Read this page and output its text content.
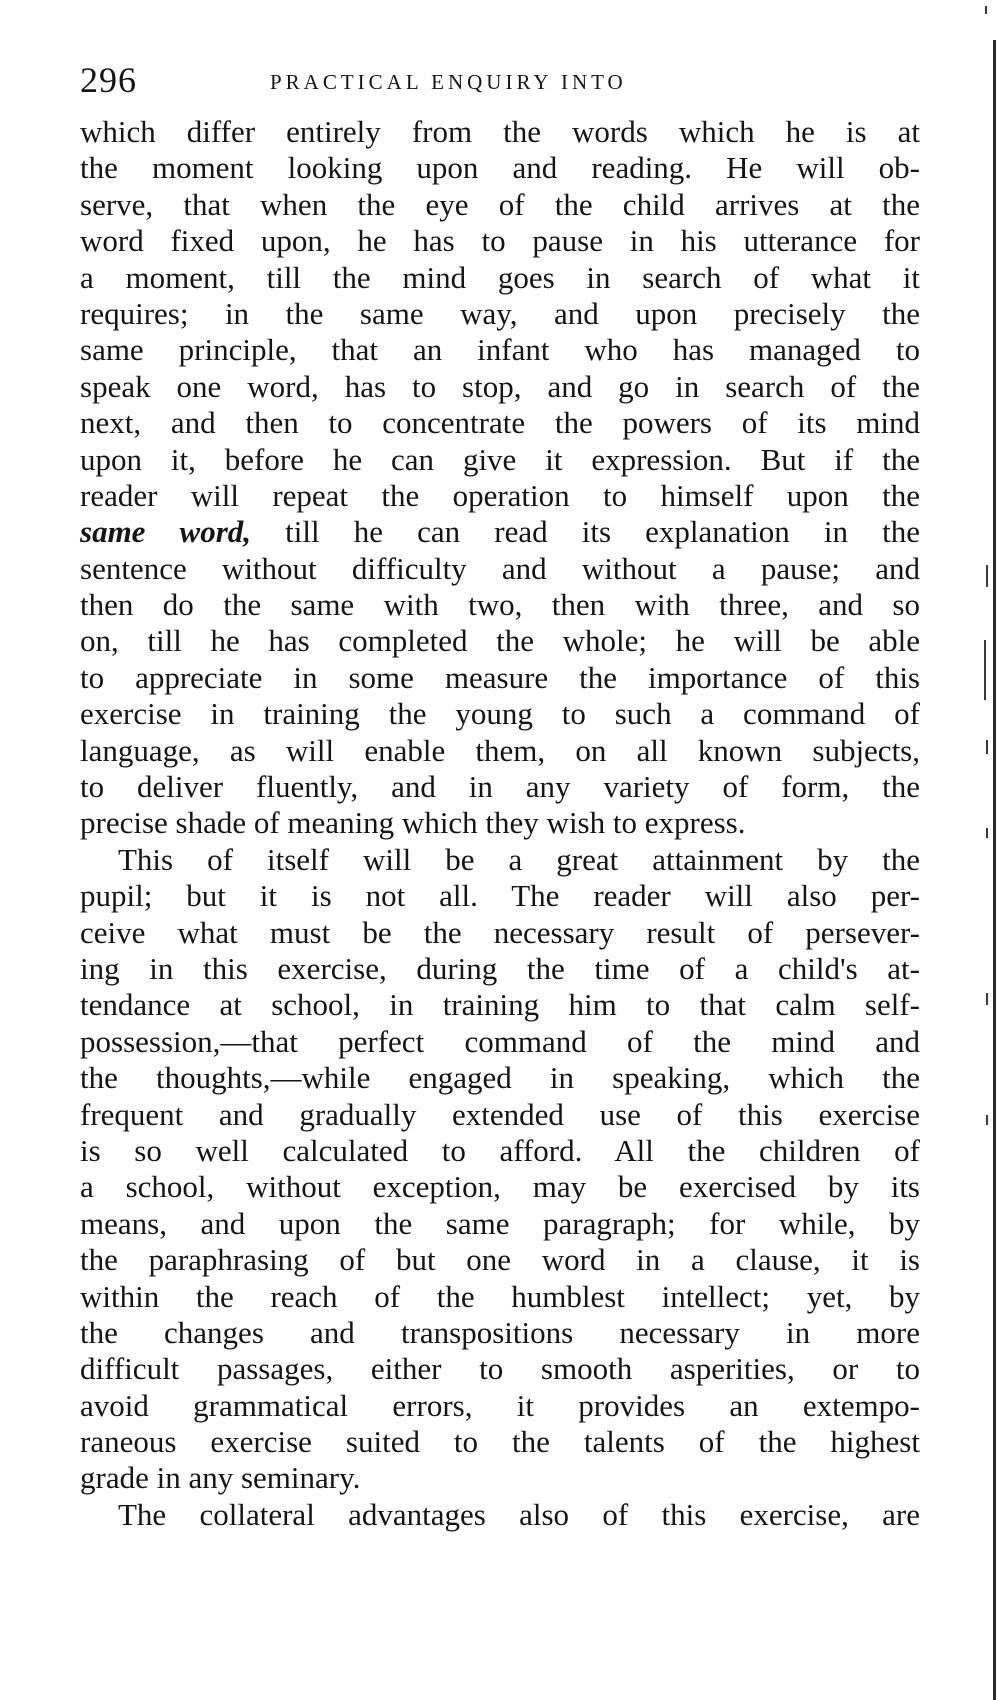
296	PRACTICAL ENQUIRY INTO
which differ entirely from the words which he is at
the moment looking upon and reading. He will ob-
serve, that when the eye of the child arrives at the
word fixed upon, he has to pause in his utterance for
a moment, till the mind goes in search of what it
requires; in the same way, and upon precisely the
same principle, that an infant who has managed to
speak one word, has to stop, and go in search of the
next, and then to concentrate the powers of its mind
upon it, before he can give it expression. But if the
reader will repeat the operation to himself upon the
same word, till he can read its explanation in the
sentence without difficulty and without a pause; and
then do the same with two, then with three, and so
on, till he has completed the whole; he will be able
to appreciate in some measure the importance of this
exercise in training the young to such a command of
language, as will enable them, on all known subjects,
to deliver fluently, and in any variety of form, the
precise shade of meaning which they wish to express.
This of itself will be a great attainment by the
pupil; but it is not all. The reader will also per-
ceive what must be the necessary result of persever-
ing in this exercise, during the time of a child's at-
tendance at school, in training him to that calm self-
possession,—that perfect command of the mind and
the thoughts,—while engaged in speaking, which the
frequent and gradually extended use of this exercise
is so well calculated to afford. All the children of
a school, without exception, may be exercised by its
means, and upon the same paragraph; for while, by
the paraphrasing of but one word in a clause, it is
within the reach of the humblest intellect; yet, by
the changes and transpositions necessary in more
difficult passages, either to smooth asperities, or to
avoid grammatical errors, it provides an extempo-
raneous exercise suited to the talents of the highest
grade in any seminary.
The collateral advantages also of this exercise, are
